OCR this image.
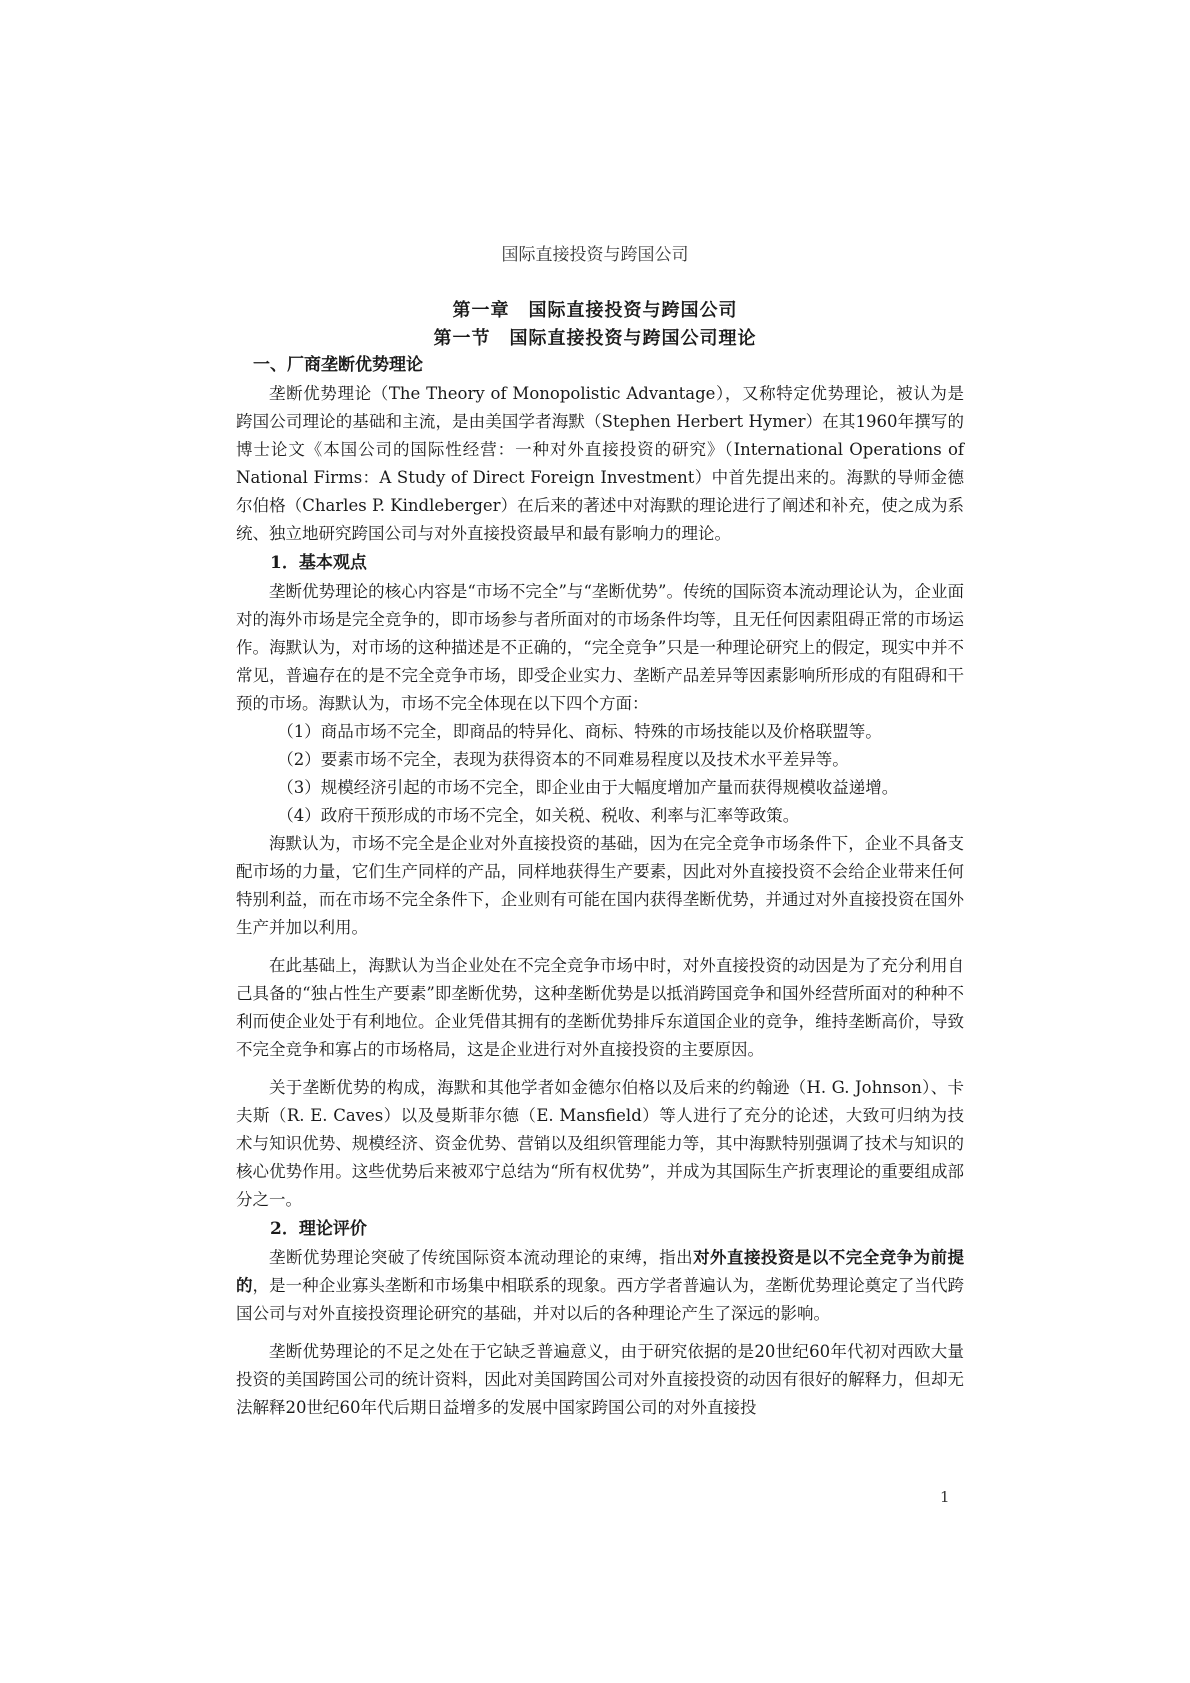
国际直接投资与跨国公司
第一章　国际直接投资与跨国公司
第一节　国际直接投资与跨国公司理论
一、厂商垄断优势理论

垄断优势理论（The Theory of Monopolistic Advantage），又称特定优势理论，被认为是跨国公司理论的基础和主流，是由美国学者海默（Stephen Herbert Hymer）在其1960年撰写的博士论文《本国公司的国际性经营：一种对外直接投资的研究》（International Operations of National Firms：A Study of Direct Foreign Investment）中首先提出来的。海默的导师金德尔伯格（Charles P. Kindleberger）在后来的著述中对海默的理论进行了阐述和补充，使之成为系统、独立地研究跨国公司与对外直接投资最早和最有影响力的理论。

1．基本观点

垄断优势理论的核心内容是“市场不完全”与“垄断优势”。传统的国际资本流动理论认为，企业面对的海外市场是完全竞争的，即市场参与者所面对的市场条件均等，且无任何因素阻碍正常的市场运作。海默认为，对市场的这种描述是不正确的，“完全竞争”只是一种理论研究上的假定，现实中并不常见，普遍存在的是不完全竞争市场，即受企业实力、垄断产品差异等因素影响所形成的有阻碍和干预的市场。海默认为，市场不完全体现在以下四个方面：

（1）商品市场不完全，即商品的特异化、商标、特殊的市场技能以及价格联盟等。
（2）要素市场不完全，表现为获得资本的不同难易程度以及技术水平差异等。
（3）规模经济引起的市场不完全，即企业由于大幅度增加产量而获得规模收益递增。
（4）政府干预形成的市场不完全，如关税、税收、利率与汇率等政策。

海默认为，市场不完全是企业对外直接投资的基础，因为在完全竞争市场条件下，企业不具备支配市场的力量，它们生产同样的产品，同样地获得生产要素，因此对外直接投资不会给企业带来任何特别利益，而在市场不完全条件下，企业则有可能在国内获得垄断优势，并通过对外直接投资在国外生产并加以利用。

在此基础上，海默认为当企业处在不完全竞争市场中时，对外直接投资的动因是为了充分利用自己具备的“独占性生产要素”即垄断优势，这种垄断优势是以抵消跨国竞争和国外经营所面对的种种不利而使企业处于有利地位。企业凭借其拥有的垄断优势排斥东道国企业的竞争，维持垄断高价，导致不完全竞争和寡占的市场格局，这是企业进行对外直接投资的主要原因。

关于垄断优势的构成，海默和其他学者如金德尔伯格以及后来的约翰逊（H. G. Johnson）、卡夫斯（R. E. Caves）以及曼斯菲尔德（E. Mansfield）等人进行了充分的论述，大致可归纳为技术与知识优势、规模经济、资金优势、营销以及组织管理能力等，其中海默特别强调了技术与知识的核心优势作用。这些优势后来被邓宁总结为“所有权优势”，并成为其国际生产折衷理论的重要组成部分之一。

2．理论评价

垄断优势理论突破了传统国际资本流动理论的束缚，指出对外直接投资是以不完全竞争为前提的，是一种企业寡头垄断和市场集中相联系的现象。西方学者普遍认为，垄断优势理论奠定了当代跨国公司与对外直接投资理论研究的基础，并对以后的各种理论产生了深远的影响。

垄断优势理论的不足之处在于它缺乏普遍意义，由于研究依据的是20世纪60年代初对西欧大量投资的美国跨国公司的统计资料，因此对美国跨国公司对外直接投资的动因有很好的解释力，但却无法解释20世纪60年代后期日益增多的发展中国家跨国公司的对外直接投

1
